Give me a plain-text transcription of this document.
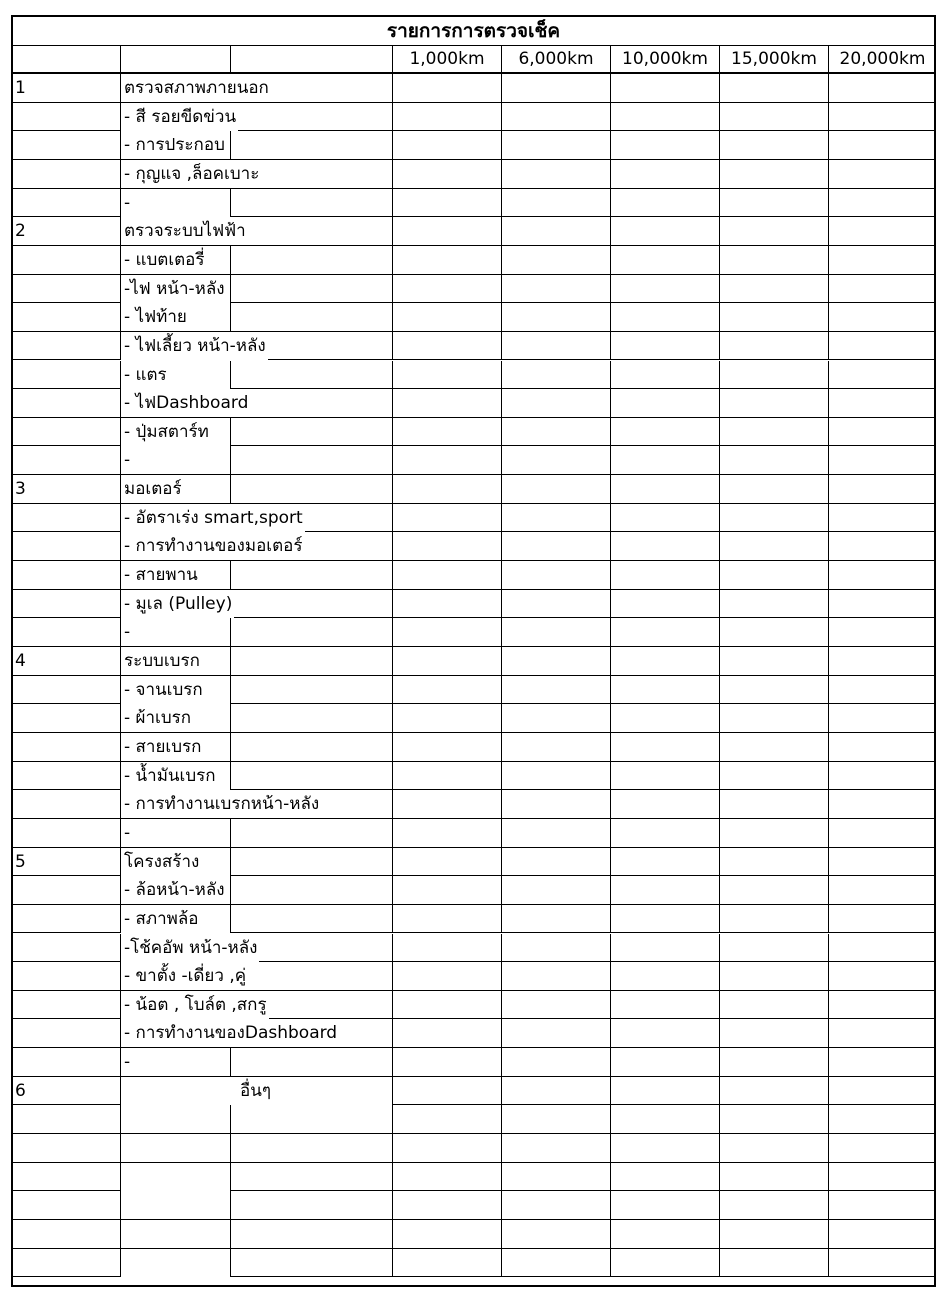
รายการการตรวจเช็ค
1,000km	6,000km	10,000km	15,000km	20,000km
1	ตรวจสภาพภายนอก
- สี รอยขีดข่วน
- การประกอบ
- กุญแจ ,ล็อคเบาะ
-
2	ตรวจระบบไฟฟ้า
- แบตเตอรี่
-ไฟ หน้า-หลัง
- ไฟท้าย
- ไฟเลี้ยว หน้า-หลัง
- แตร
- ไฟDashboard
- ปุ่มสตาร์ท
-
3	มอเตอร์
- อัตราเร่ง smart,sport
- การทำงานของมอเตอร์
- สายพาน
- มูเล (Pulley)
-
4	ระบบเบรก
- จานเบรก
- ผ้าเบรก
- สายเบรก
- น้ำมันเบรก
- การทำงานเบรกหน้า-หลัง
-
5	โครงสร้าง
- ล้อหน้า-หลัง
- สภาพล้อ
-โช้คอัพ หน้า-หลัง
- ขาตั้ง -เดี่ยว ,คู่
- น้อต , โบล์ต ,สกรู
- การทำงานของDashboard
-
6	อื่นๆ
